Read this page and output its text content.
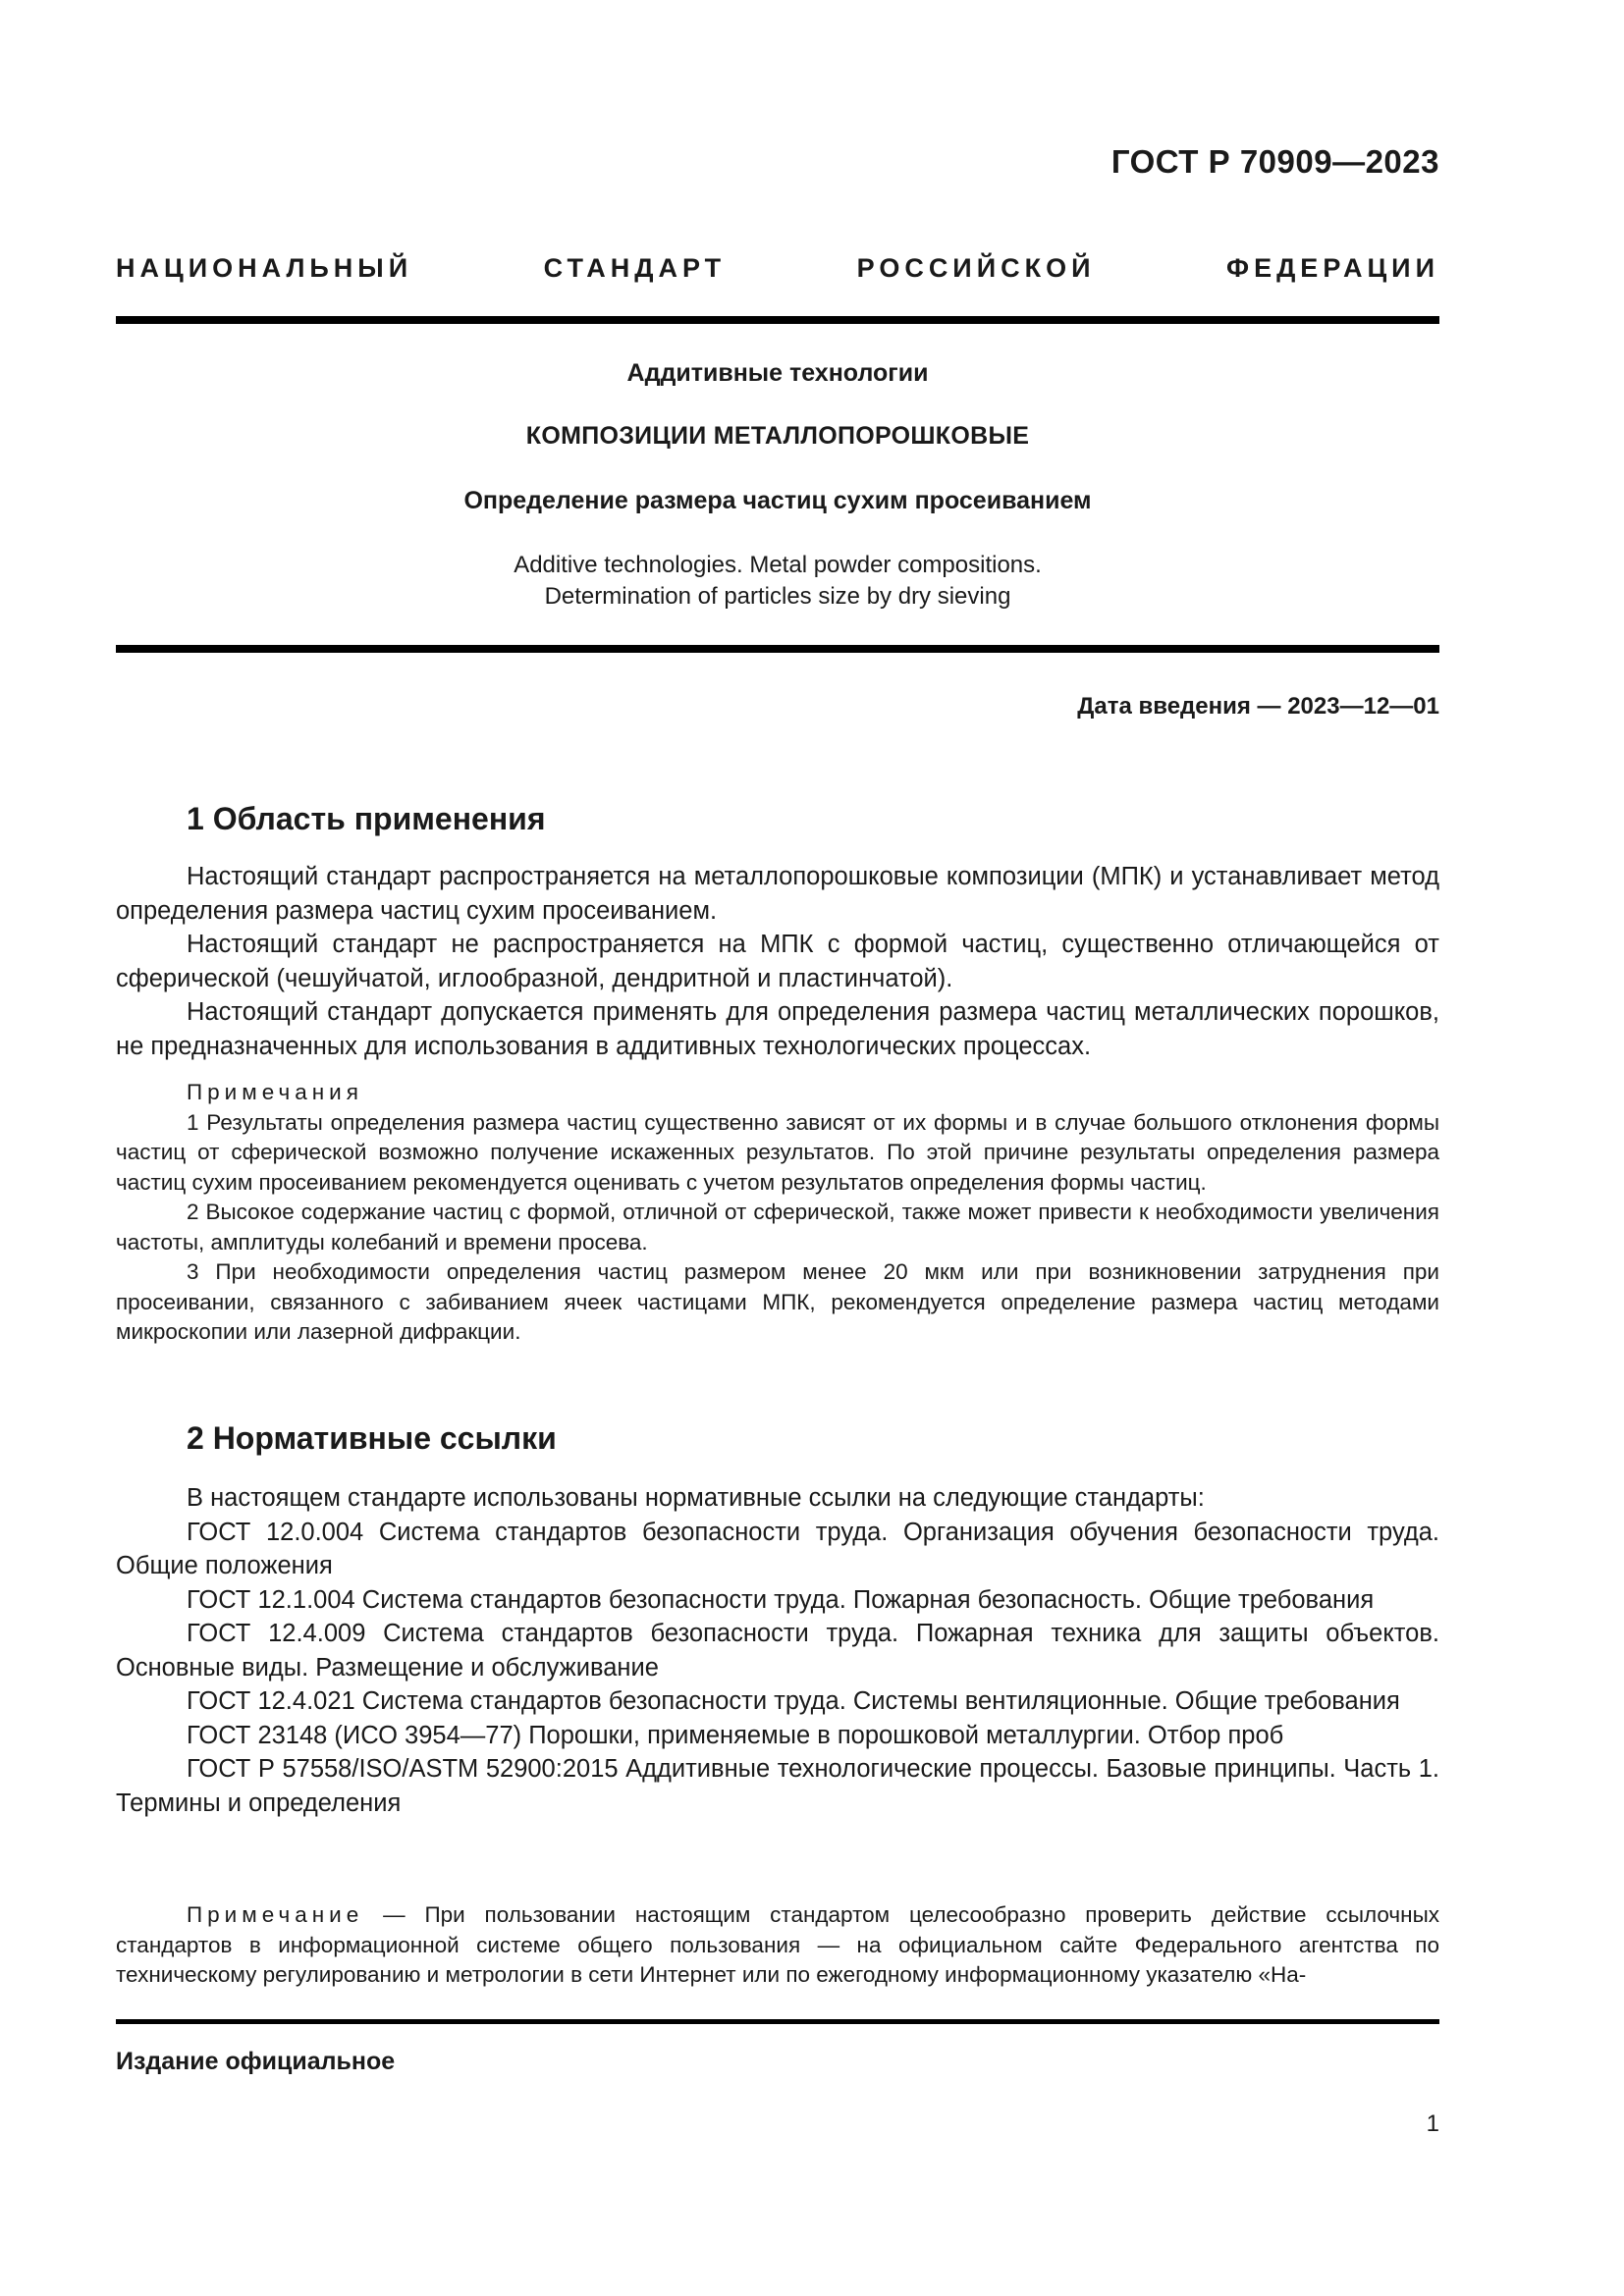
ГОСТ Р 70909—2023
НАЦИОНАЛЬНЫЙ СТАНДАРТ РОССИЙСКОЙ ФЕДЕРАЦИИ
Аддитивные технологии
КОМПОЗИЦИИ МЕТАЛЛОПОРОШКОВЫЕ
Определение размера частиц сухим просеиванием
Additive technologies. Metal powder compositions.
Determination of particles size by dry sieving
Дата введения — 2023—12—01
1 Область применения

Настоящий стандарт распространяется на металлопорошковые композиции (МПК) и устанавливает метод определения размера частиц сухим просеиванием.

Настоящий стандарт не распространяется на МПК с формой частиц, существенно отличающейся от сферической (чешуйчатой, иглообразной, дендритной и пластинчатой).

Настоящий стандарт допускается применять для определения размера частиц металлических порошков, не предназначенных для использования в аддитивных технологических процессах.

Примечания

1 Результаты определения размера частиц существенно зависят от их формы и в случае большого отклонения формы частиц от сферической возможно получение искаженных результатов. По этой причине результаты определения размера частиц сухим просеиванием рекомендуется оценивать с учетом результатов определения формы частиц.

2 Высокое содержание частиц с формой, отличной от сферической, также может привести к необходимости увеличения частоты, амплитуды колебаний и времени просева.

3 При необходимости определения частиц размером менее 20 мкм или при возникновении затруднения при просеивании, связанного с забиванием ячеек частицами МПК, рекомендуется определение размера частиц методами микроскопии или лазерной дифракции.

2 Нормативные ссылки

В настоящем стандарте использованы нормативные ссылки на следующие стандарты:

ГОСТ 12.0.004 Система стандартов безопасности труда. Организация обучения безопасности труда. Общие положения

ГОСТ 12.1.004 Система стандартов безопасности труда. Пожарная безопасность. Общие требования

ГОСТ 12.4.009 Система стандартов безопасности труда. Пожарная техника для защиты объектов. Основные виды. Размещение и обслуживание

ГОСТ 12.4.021 Система стандартов безопасности труда. Системы вентиляционные. Общие требования

ГОСТ 23148 (ИСО 3954—77) Порошки, применяемые в порошковой металлургии. Отбор проб

ГОСТ Р 57558/ISO/ASTM 52900:2015 Аддитивные технологические процессы. Базовые принципы. Часть 1. Термины и определения

Примечание — При пользовании настоящим стандартом целесообразно проверить действие ссылочных стандартов в информационной системе общего пользования — на официальном сайте Федерального агентства по техническому регулированию и метрологии в сети Интернет или по ежегодному информационному указателю «На-

Издание официальное
1
